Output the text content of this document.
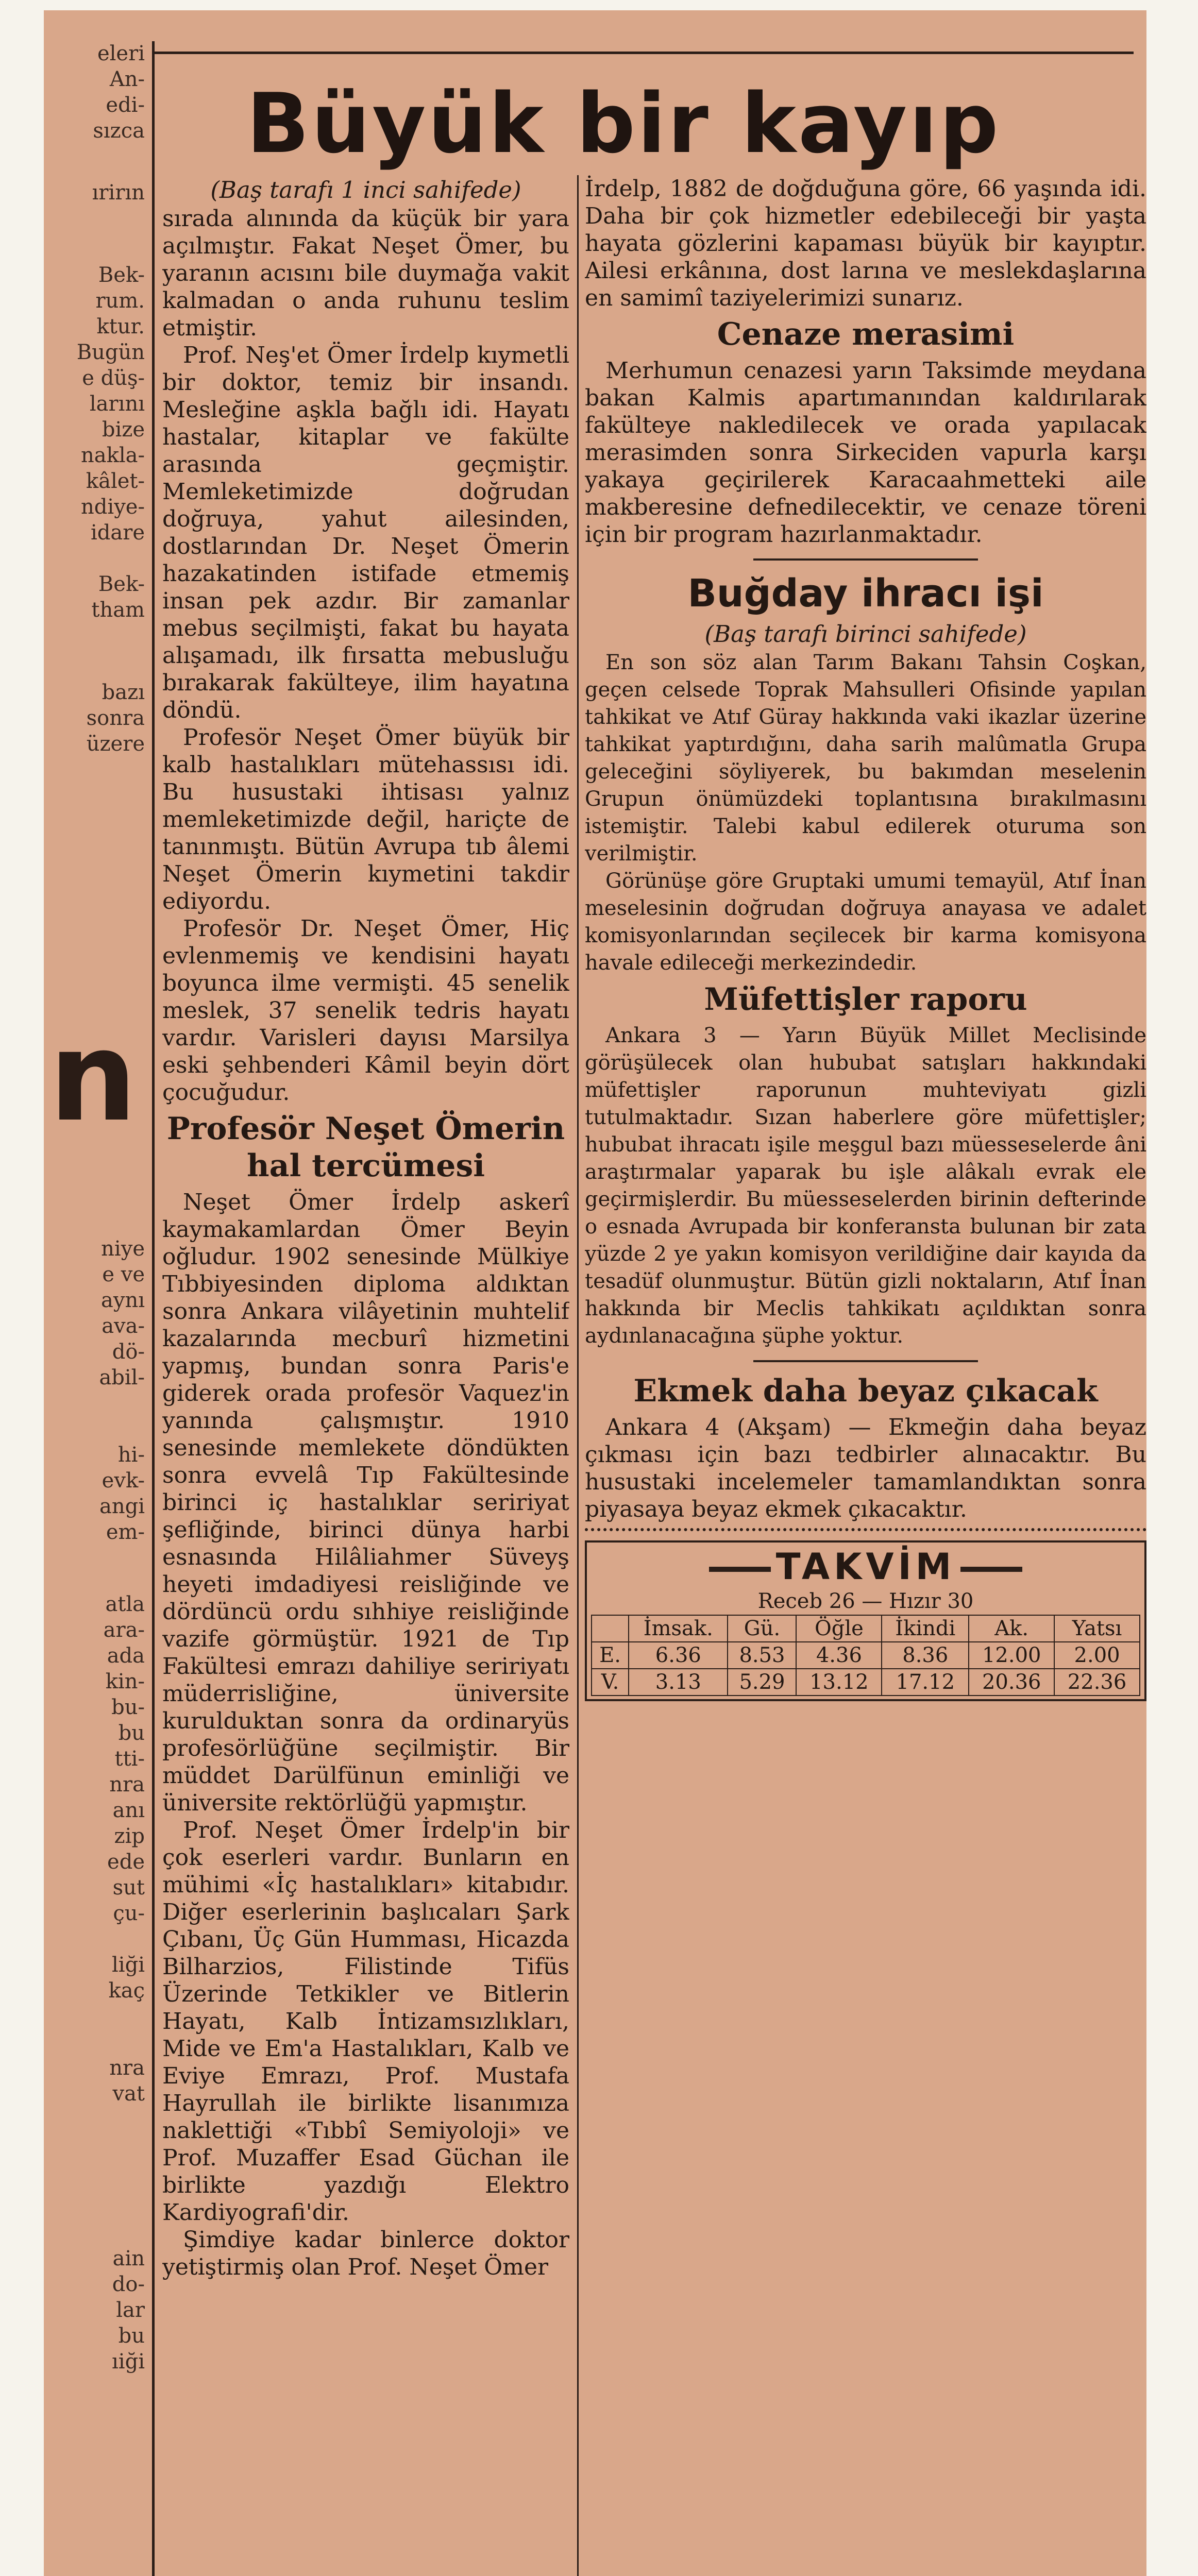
eleri
An-
edi-
sızca
ırirın
Bek-
rum.
ktur.
Bugün
e düş-
larını
bize
nakla-
kâlet-
ndiye-
idare
Bek-
tham
bazı
sonra
üzere
niye
e ve
aynı
ava-
dö-
abil-
hi-
evk-
angi
em-
atla
ara-
ada
kin-
bu-
bu
tti-
nra
anı
zip
ede
sut
çu-
liği
kaç
nra
vat
ain
do-
lar
bu
ıiği
n
Büyük bir kayıp
(Baş tarafı 1 inci sahifede)

sırada alınında da küçük bir yara açılmıştır. Fakat Neşet Ömer, bu yaranın acısını bile duymağa vakit kalmadan o anda ruhunu teslim etmiştir.

Prof. Neş'et Ömer İrdelp kıymetli bir doktor, temiz bir insandı. Mesleğine aşkla bağlı idi. Hayatı hastalar, kitaplar ve fakülte arasında geçmiştir. Memleketimizde doğrudan doğruya, yahut ailesinden, dostlarından Dr. Neşet Ömerin hazakatinden istifade etmemiş insan pek azdır. Bir zamanlar mebus seçilmişti, fakat bu hayata alışamadı, ilk fırsatta mebusluğu bırakarak fakülteye, ilim hayatına döndü.

Profesör Neşet Ömer büyük bir kalb hastalıkları mütehassısı idi. Bu husustaki ihtisası yalnız memleketimizde değil, hariçte de tanınmıştı. Bütün Avrupa tıb âlemi Neşet Ömerin kıymetini takdir ediyordu.

Profesör Dr. Neşet Ömer, Hiç evlenmemiş ve kendisini hayatı boyunca ilme vermişti. 45 senelik meslek, 37 senelik tedris hayatı vardır. Varisleri dayısı Marsilya eski şehbenderi Kâmil beyin dört çocuğudur.

Profesör Neşet Ömerin hal tercümesi

Neşet Ömer İrdelp askerî kaymakamlardan Ömer Beyin oğludur. 1902 senesinde Mülkiye Tıbbiyesinden diploma aldıktan sonra Ankara vilâyetinin muhtelif kazalarında mecburî hizmetini yapmış, bundan sonra Paris'e giderek orada profesör Vaquez'in yanında çalışmıştır. 1910 senesinde memlekete döndükten sonra evvelâ Tıp Fakültesinde birinci iç hastalıklar seririyat şefliğinde, birinci dünya harbi esnasında Hilâliahmer Süveyş heyeti imdadiyesi reisliğinde ve dördüncü ordu sıhhiye reisliğinde vazife görmüştür. 1921 de Tıp Fakültesi emrazı dahiliye seririyatı müderrisliğine, üniversite kurulduktan sonra da ordinaryüs profesörlüğüne seçilmiştir. Bir müddet Darülfünun eminliği ve üniversite rektörlüğü yapmıştır.

Prof. Neşet Ömer İrdelp'in bir çok eserleri vardır. Bunların en mühimi «İç hastalıkları» kitabıdır. Diğer eserlerinin başlıcaları Şark Çıbanı, Üç Gün Humması, Hicazda Bilharzios, Filistinde Tifüs Üzerinde Tetkikler ve Bitlerin Hayatı, Kalb İntizamsızlıkları, Mide ve Em'a Hastalıkları, Kalb ve Eviye Emrazı, Prof. Mustafa Hayrullah ile birlikte lisanımıza naklettiği «Tıbbî Semiyoloji» ve Prof. Muzaffer Esad Güchan ile birlikte yazdığı Elektro Kardiyografi'dir.

Şimdiye kadar binlerce doktor yetiştirmiş olan Prof. Neşet Ömer

İrdelp, 1882 de doğduğuna göre, 66 yaşında idi. Daha bir çok hizmetler edebileceği bir yaşta hayata gözlerini kapaması büyük bir kayıptır. Ailesi erkânına, dost larına ve meslekdaşlarına en samimî taziyelerimizi sunarız.

Cenaze merasimi

Merhumun cenazesi yarın Taksimde meydana bakan Kalmis apartımanından kaldırılarak fakülteye nakledilecek ve orada yapılacak merasimden sonra Sirkeciden vapurla karşı yakaya geçirilerek Karacaahmetteki aile makberesine defnedilecektir, ve cenaze töreni için bir program hazırlanmaktadır.

Buğday ihracı işi
(Baş tarafı birinci sahifede)

En son söz alan Tarım Bakanı Tahsin Coşkan, geçen celsede Toprak Mahsulleri Ofisinde yapılan tahkikat ve Atıf Güray hakkında vaki ikazlar üzerine tahkikat yaptırdığını, daha sarih malûmatla Grupa geleceğini söyliyerek, bu bakımdan meselenin Grupun önümüzdeki toplantısına bırakılmasını istemiştir. Talebi kabul edilerek oturuma son verilmiştir.

Görünüşe göre Gruptaki umumi temayül, Atıf İnan meselesinin doğrudan doğruya anayasa ve adalet komisyonlarından seçilecek bir karma komisyona havale edileceği merkezindedir.

Müfettişler raporu

Ankara 3 — Yarın Büyük Millet Meclisinde görüşülecek olan hububat satışları hakkındaki müfettişler raporunun muhteviyatı gizli tutulmaktadır. Sızan haberlere göre müfettişler; hububat ihracatı işile meşgul bazı müesseselerde âni araştırmalar yaparak bu işle alâkalı evrak ele geçirmişlerdir. Bu müesseselerden birinin defterinde o esnada Avrupada bir konferansta bulunan bir zata yüzde 2 ye yakın komisyon verildiğine dair kayıda da tesadüf olunmuştur. Bütün gizli noktaların, Atıf İnan hakkında bir Meclis tahkikatı açıldıktan sonra aydınlanacağına şüphe yoktur.

Ekmek daha beyaz çıkacak

Ankara 4 (Akşam) — Ekmeğin daha beyaz çıkması için bazı tedbirler alınacaktır. Bu husustaki incelemeler tamamlandıktan sonra piyasaya beyaz ekmek çıkacaktır.

TAKVİM
Receb 26 — Hızır 30
	İmsak.	Gü.	Öğle	İkindi	Ak.	Yatsı
E.	6.36	8.53	4.36	8.36	12.00	2.00
V.	3.13	5.29	13.12	17.12	20.36	22.36
